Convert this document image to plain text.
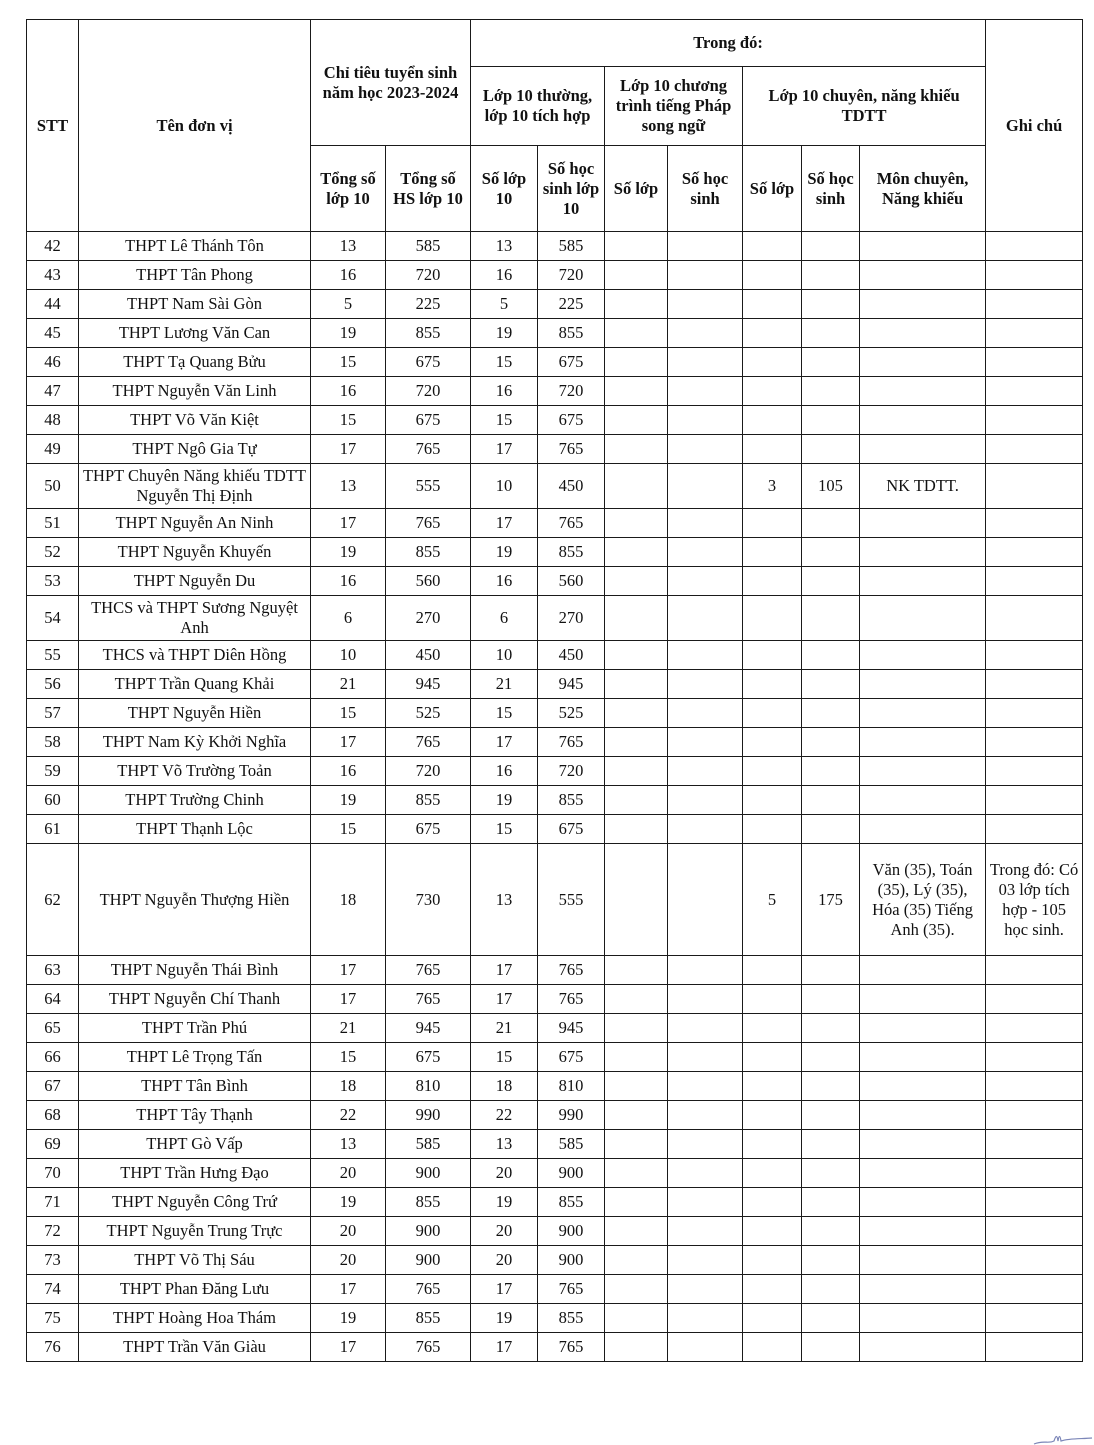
STT	Tên đơn vị	Chỉ tiêu tuyển sinh năm học 2023-2024		Trong đó:							Ghi chú
				Lớp 10 thường, lớp 10 tích hợp		Lớp 10 chương trình tiếng Pháp song ngữ		Lớp 10 chuyên, năng khiếu TDTT			
		Tổng số lớp 10	Tổng số HS lớp 10	Số lớp 10	Số học sinh lớp 10	Số lớp	Số học sinh	Số lớp	Số học sinh	Môn chuyên, Năng khiếu	
42	THPT Lê Thánh Tôn	13	585	13	585						
43	THPT Tân Phong	16	720	16	720						
44	THPT Nam Sài Gòn	5	225	5	225						
45	THPT Lương Văn Can	19	855	19	855						
46	THPT Tạ Quang Bửu	15	675	15	675						
47	THPT Nguyễn Văn Linh	16	720	16	720						
48	THPT Võ Văn Kiệt	15	675	15	675						
49	THPT Ngô Gia Tự	17	765	17	765						
50	THPT Chuyên Năng khiếu TDTT Nguyễn Thị Định	13	555	10	450			3	105	NK TDTT.	
51	THPT Nguyễn An Ninh	17	765	17	765						
52	THPT Nguyễn Khuyến	19	855	19	855						
53	THPT Nguyễn Du	16	560	16	560						
54	THCS và THPT Sương Nguyệt Anh	6	270	6	270						
55	THCS và THPT Diên Hồng	10	450	10	450						
56	THPT Trần Quang Khải	21	945	21	945						
57	THPT Nguyễn Hiền	15	525	15	525						
58	THPT Nam Kỳ Khởi Nghĩa	17	765	17	765						
59	THPT Võ Trường Toản	16	720	16	720						
60	THPT Trường Chinh	19	855	19	855						
61	THPT Thạnh Lộc	15	675	15	675						
62	THPT Nguyễn Thượng Hiền	18	730	13	555			5	175	Văn (35), Toán (35), Lý (35), Hóa (35) Tiếng Anh (35).	Trong đó: Có 03 lớp tích hợp - 105 học sinh.
63	THPT Nguyễn Thái Bình	17	765	17	765						
64	THPT Nguyễn Chí Thanh	17	765	17	765						
65	THPT Trần Phú	21	945	21	945						
66	THPT Lê Trọng Tấn	15	675	15	675						
67	THPT Tân Bình	18	810	18	810						
68	THPT Tây Thạnh	22	990	22	990						
69	THPT Gò Vấp	13	585	13	585						
70	THPT Trần Hưng Đạo	20	900	20	900						
71	THPT Nguyễn Công Trứ	19	855	19	855						
72	THPT Nguyễn Trung Trực	20	900	20	900						
73	THPT Võ Thị Sáu	20	900	20	900						
74	THPT Phan Đăng Lưu	17	765	17	765						
75	THPT Hoàng Hoa Thám	19	855	19	855						
76	THPT Trần Văn Giàu	17	765	17	765						
